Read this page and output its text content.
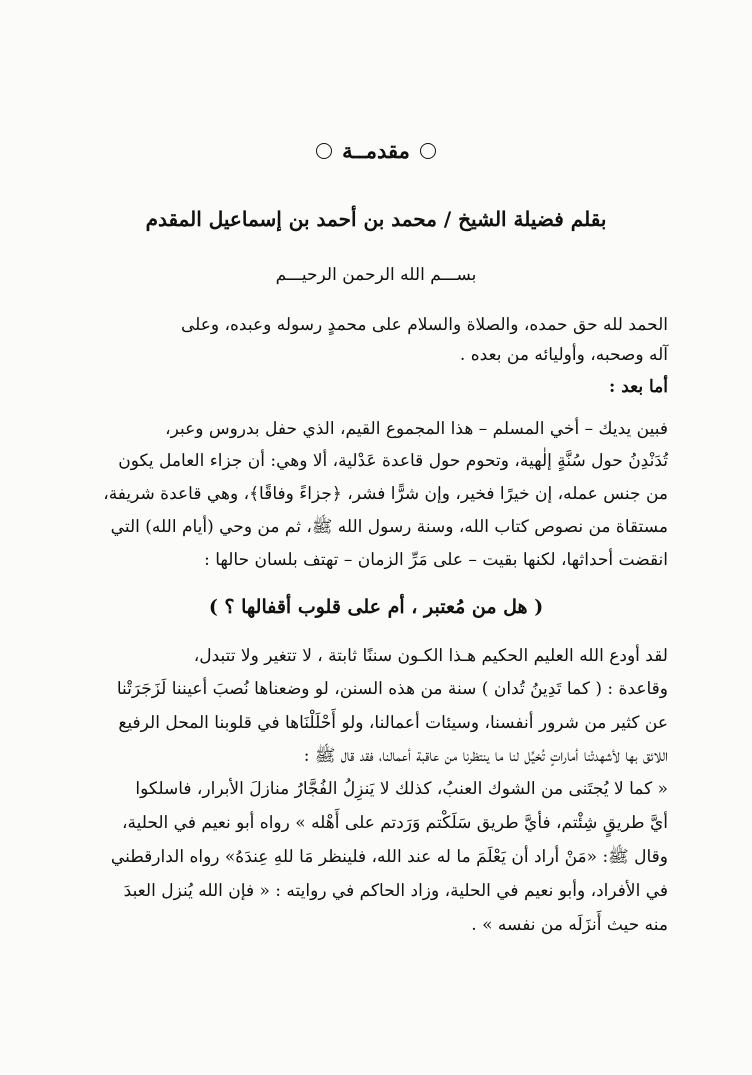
مقدمــة
بقلم فضيلة الشيخ / محمد بن أحمد بن إسماعيل المقدم
بســـم الله الرحمن الرحيـــم
الحمد لله حق حمده، والصلاة والسلام على محمدٍ رسوله وعبده، وعلى
آله وصحبه، وأوليائه من بعده .
أما بعد :
فبين يديك – أخي المسلم – هذا المجموع القيم، الذي حفل بدروس وعبر،
تُدَنْدِنُ حول سُنَّةٍ إلٰهية، وتحوم حول قاعدة عَدْلية، ألا وهي: أن جزاء العامل يكون
من جنس عمله، إن خيرًا فخير، وإن شرًّا فشر، ﴿جزاءً وفاقًا﴾، وهي قاعدة شريفة،
مستقاة من نصوص كتاب الله، وسنة رسول الله ﷺ، ثم من وحي (أيام الله) التي
انقضت أحداثها، لكنها بقيت – على مَرِّ الزمان – تهتف بلسان حالها :
( هل من مُعتبر ، أم على قلوب أقفالها ؟ )
لقد أودع الله العليم الحكيم هـذا الكـون سننًا ثابتة ، لا تتغير ولا تتبدل،
وقاعدة : ( كما تَدِينُ تُدان ) سنة من هذه السنن، لو وضعناها نُصبَ أعيننا لَزَجَرَتْنا
عن كثير من شرور أنفسنا، وسيئات أعمالنا، ولو أَحْلَلْنَاها في قلوبنا المحل الرفيع
اللائق بها لأشهدتْنا أماراتٍ تُخيِّل لنا ما ينتظرنا من عاقبة أعمالنا، فقد قال ﷺ :
« كما لا يُجتَنى من الشوك العنبُ، كذلك لا يَنزِلُ الفُجَّارُ منازلَ الأبرار، فاسلكوا
أيَّ طريقٍ شِئْتم، فأيَّ طريق سَلَكْتم وَرَدتم على أَهْله » رواه أبو نعيم في الحلية،
وقال ﷺ: «مَنْ أراد أن يَعْلَمَ ما له عند الله، فلينظر مَا للهِ عِندَهُ» رواه الدارقطني
في الأفراد، وأبو نعيم في الحلية، وزاد الحاكم في روايته : « فإن الله يُنزل العبدَ
منه حيث أَنزَلَه من نفسه » .
